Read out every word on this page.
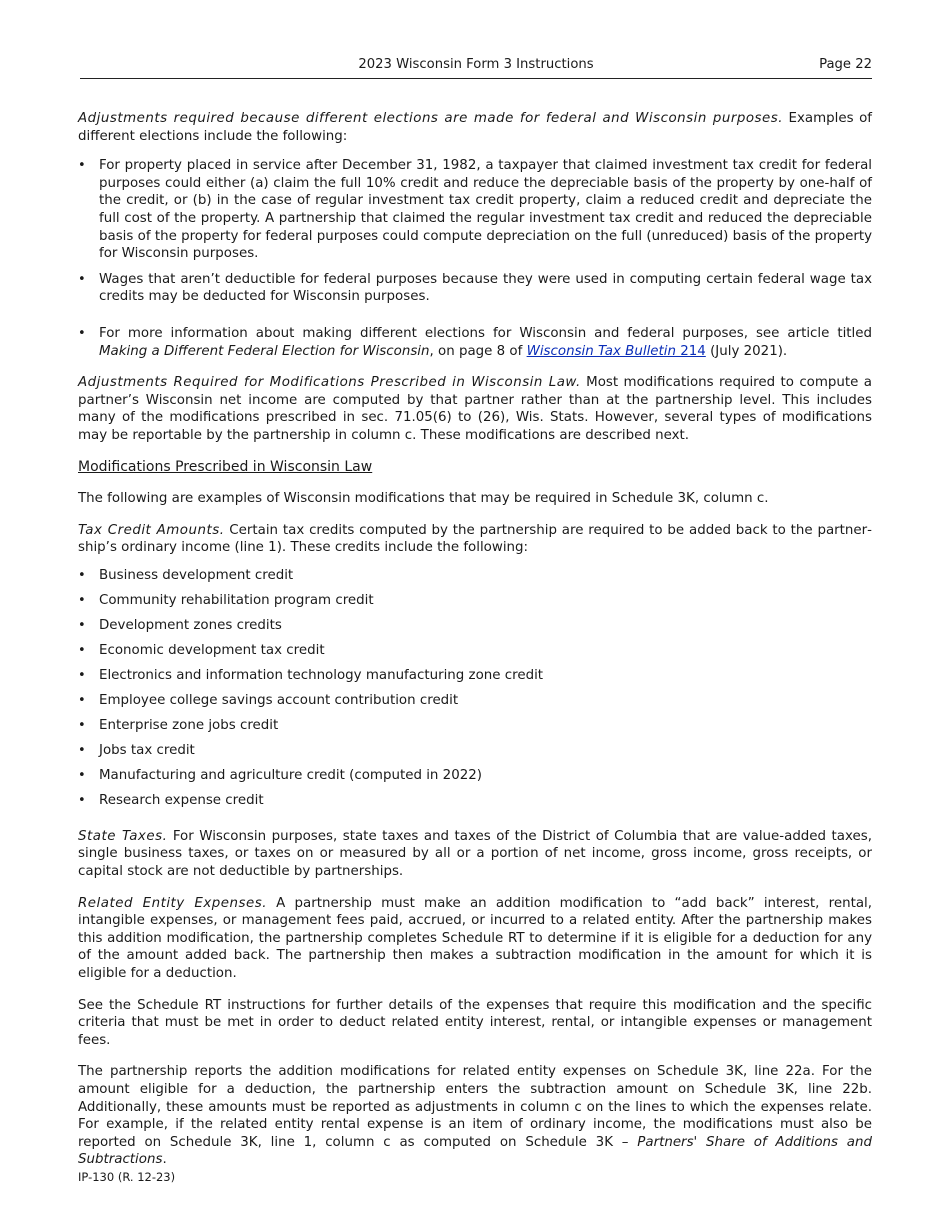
2023 Wisconsin Form 3 Instructions	Page 22

Adjustments required because different elections are made for federal and Wisconsin purposes. Examples of different elections include the following:

• For property placed in service after December 31, 1982, a taxpayer that claimed investment tax credit for federal purposes could either (a) claim the full 10% credit and reduce the depreciable basis of the property by one-half of the credit, or (b) in the case of regular investment tax credit property, claim a reduced credit and depreciate the full cost of the property. A partnership that claimed the regular investment tax credit and reduced the depreciable basis of the property for federal purposes could compute depreciation on the full (unreduced) basis of the property for Wisconsin purposes.
• Wages that aren’t deductible for federal purposes because they were used in computing certain federal wage tax credits may be deducted for Wisconsin purposes.
• For more information about making different elections for Wisconsin and federal purposes, see article titled Making a Different Federal Election for Wisconsin, on page 8 of Wisconsin Tax Bulletin 214 (July 2021).

Adjustments Required for Modifications Prescribed in Wisconsin Law. Most modifications required to compute a partner’s Wisconsin net income are computed by that partner rather than at the partnership level. This includes many of the modifications prescribed in sec. 71.05(6) to (26), Wis. Stats. However, several types of modifications may be reportable by the partnership in column c. These modifications are described next.

Modifications Prescribed in Wisconsin Law

The following are examples of Wisconsin modifications that may be required in Schedule 3K, column c.

Tax Credit Amounts. Certain tax credits computed by the partnership are required to be added back to the partnership’s ordinary income (line 1). These credits include the following:

• Business development credit
• Community rehabilitation program credit
• Development zones credits
• Economic development tax credit
• Electronics and information technology manufacturing zone credit
• Employee college savings account contribution credit
• Enterprise zone jobs credit
• Jobs tax credit
• Manufacturing and agriculture credit (computed in 2022)
• Research expense credit

State Taxes. For Wisconsin purposes, state taxes and taxes of the District of Columbia that are value-added taxes, single business taxes, or taxes on or measured by all or a portion of net income, gross income, gross receipts, or capital stock are not deductible by partnerships.

Related Entity Expenses. A partnership must make an addition modification to “add back” interest, rental, intangible expenses, or management fees paid, accrued, or incurred to a related entity. After the partnership makes this addition modification, the partnership completes Schedule RT to determine if it is eligible for a deduction for any of the amount added back. The partnership then makes a subtraction modification in the amount for which it is eligible for a deduction.

See the Schedule RT instructions for further details of the expenses that require this modification and the specific criteria that must be met in order to deduct related entity interest, rental, or intangible expenses or management fees.

The partnership reports the addition modifications for related entity expenses on Schedule 3K, line 22a. For the amount eligible for a deduction, the partnership enters the subtraction amount on Schedule 3K, line 22b. Additionally, these amounts must be reported as adjustments in column c on the lines to which the expenses relate. For example, if the related entity rental expense is an item of ordinary income, the modifications must also be reported on Schedule 3K, line 1, column c as computed on Schedule 3K – Partners' Share of Additions and Subtractions.

IP-130 (R. 12-23)
